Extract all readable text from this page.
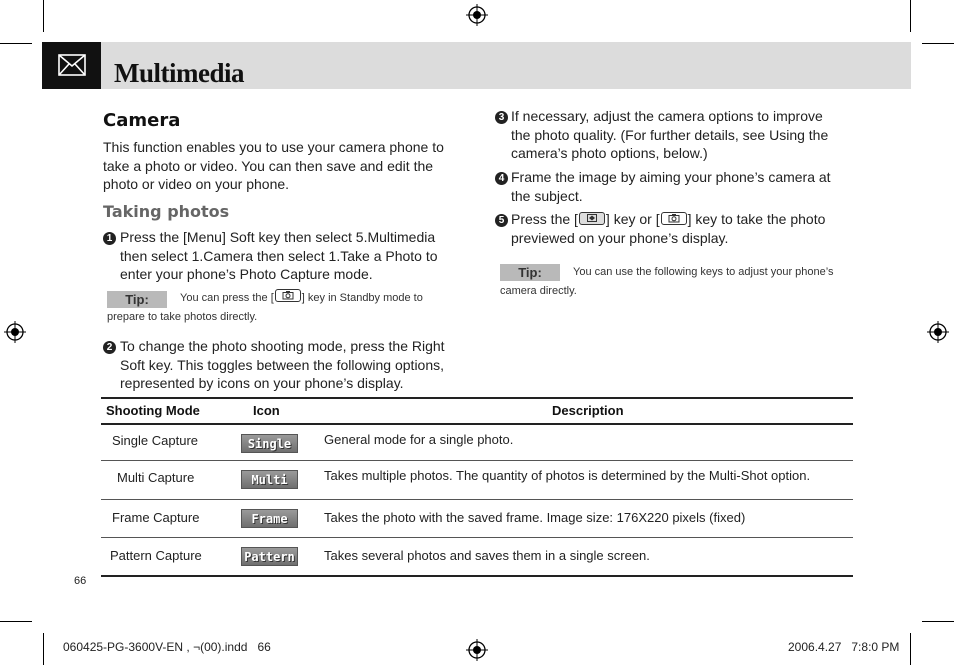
Multimedia
Camera
This function enables you to use your camera phone to
take a photo or video. You can then save and edit the
photo or video on your phone.
Taking photos
1 Press the [Menu] Soft key then select 5.Multimedia
then select 1.Camera then select 1.Take a Photo to
enter your phone’s Photo Capture mode.
Tip:	You can press the [	] key in Standby mode to
prepare to take photos directly.
2 To change the photo shooting mode, press the Right
Soft key. This toggles between the following options,
represented by icons on your phone’s display.
3 If necessary, adjust the camera options to improve
the photo quality. (For further details, see Using the
camera’s photo options, below.)
4 Frame the image by aiming your phone’s camera at
the subject.
5 Press the [ ] key or [ ] key to take the photo
previewed on your phone’s display.
Tip:	You can use the following keys to adjust your phone’s
camera directly.
Shooting Mode	Icon	Description
Single Capture	Single	General mode for a single photo.
Multi Capture	Multi	Takes multiple photos. The quantity of photos is determined by the Multi-Shot option.
Frame Capture	Frame	Takes the photo with the saved frame. Image size: 176X220 pixels (fixed)
Pattern Capture	Pattern Takes several photos and saves them in a single screen.
66
060425-PG-3600V-EN , ¬(00).indd   66	2006.4.27   7:8:0 PM
